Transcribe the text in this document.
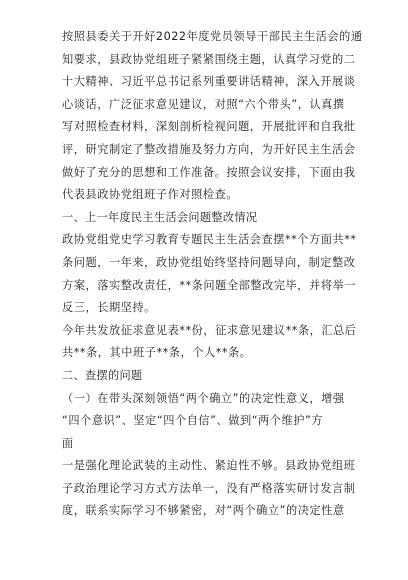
按照县委关于开好2022年度党员领导干部民主生活会的通
知要求，县政协党组班子紧紧围绕主题，认真学习党的二
十大精神、习近平总书记系列重要讲话精神，深入开展谈
心谈话，广泛征求意见建议，对照“六个带头”，认真撰
写对照检查材料，深刻剖析检视问题，开展批评和自我批
评，研究制定了整改措施及努力方向，为开好民主生活会
做好了充分的思想和工作准备。按照会议安排，下面由我
代表县政协党组班子作对照检查。
一、上一年度民主生活会问题整改情况
政协党组党史学习教育专题民主生活会查摆**个方面共**
条问题，一年来，政协党组始终坚持问题导向，制定整改
方案，落实整改责任，**条问题全部整改完毕，并将举一
反三，长期坚持。
今年共发放征求意见表**份，征求意见建议**条，汇总后
共**条，其中班子**条，个人**条。
二、查摆的问题
（一）在带头深刻领悟“两个确立”的决定性意义，增强
“四个意识”、坚定“四个自信”、做到“两个维护”方
面
一是强化理论武装的主动性、紧迫性不够。县政协党组班
子政治理论学习方式方法单一，没有严格落实研讨发言制
度，联系实际学习不够紧密，对“两个确立”的决定性意
